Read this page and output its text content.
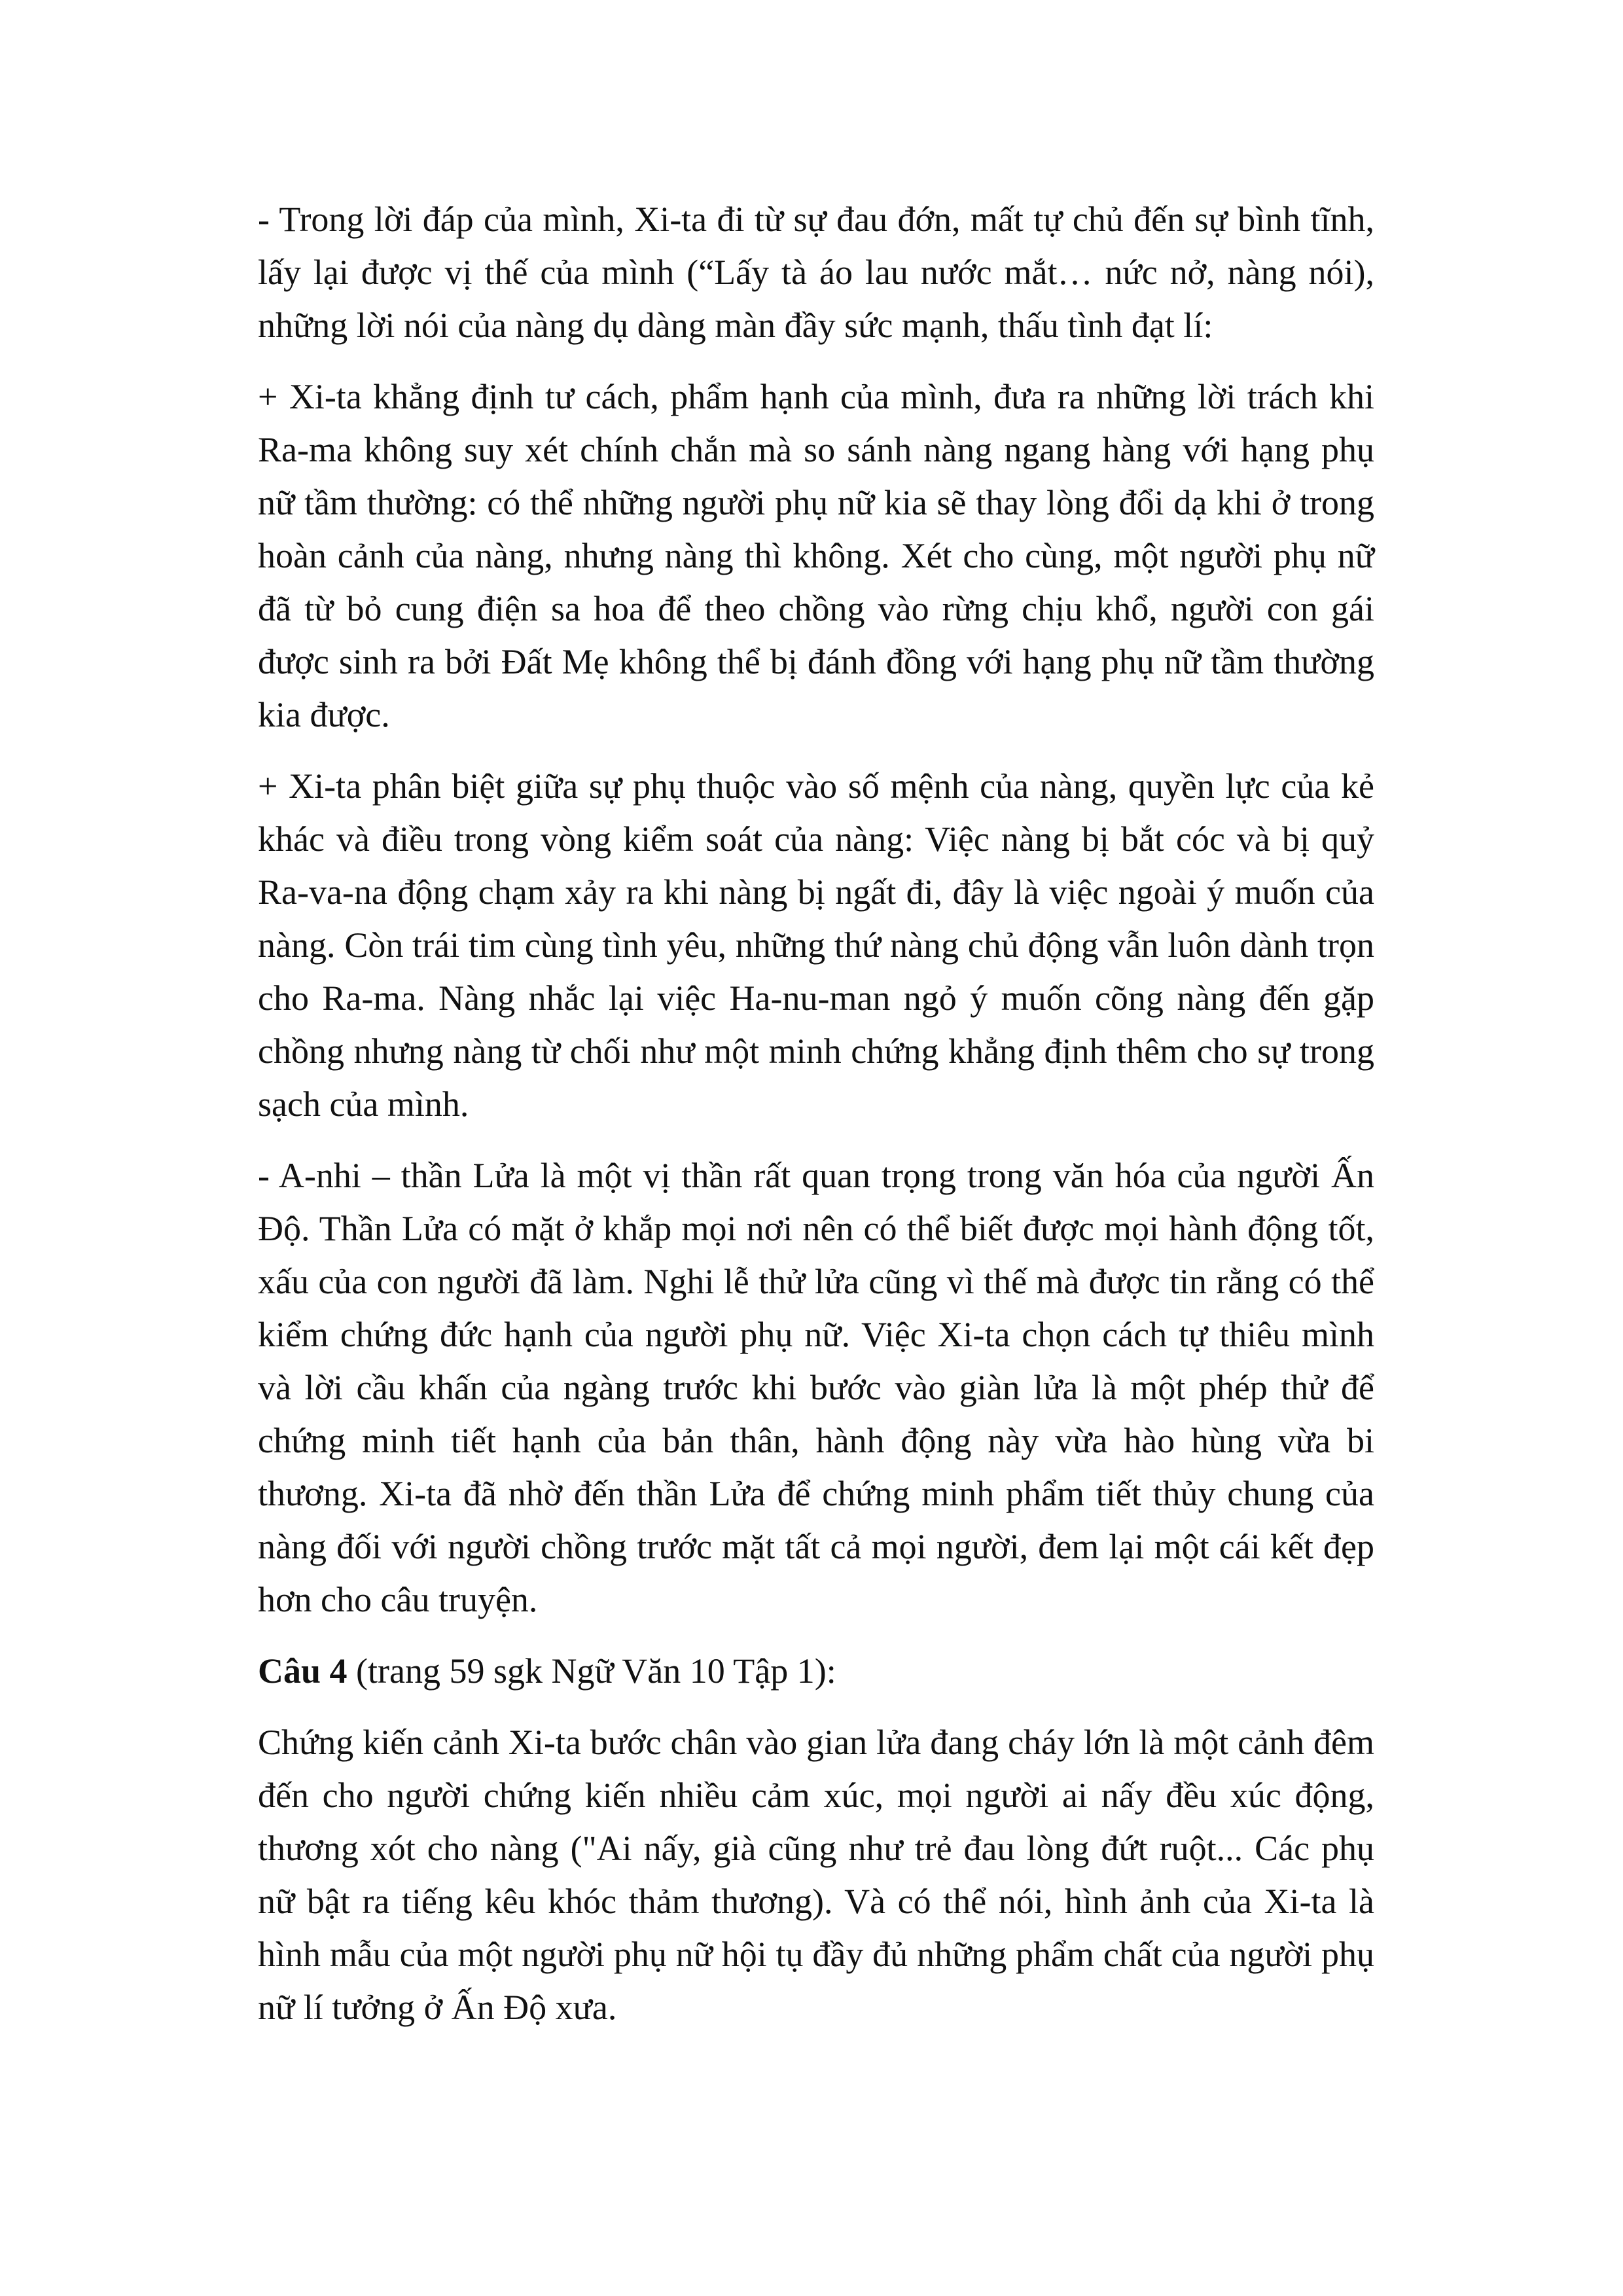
- Trong lời đáp của mình, Xi-ta đi từ sự đau đớn, mất tự chủ đến sự bình tĩnh, lấy lại được vị thế của mình (“Lấy tà áo lau nước mắt… nức nở, nàng nói), những lời nói của nàng dụ dàng màn đầy sức mạnh, thấu tình đạt lí:

+ Xi-ta khẳng định tư cách, phẩm hạnh của mình, đưa ra những lời trách khi Ra-ma không suy xét chính chắn mà so sánh nàng ngang hàng với hạng phụ nữ tầm thường: có thể những người phụ nữ kia sẽ thay lòng đổi dạ khi ở trong hoàn cảnh của nàng, nhưng nàng thì không. Xét cho cùng, một người phụ nữ đã từ bỏ cung điện sa hoa để theo chồng vào rừng chịu khổ, người con gái được sinh ra bởi Đất Mẹ không thể bị đánh đồng với hạng phụ nữ tầm thường kia được.

+ Xi-ta phân biệt giữa sự phụ thuộc vào số mệnh của nàng, quyền lực của kẻ khác và điều trong vòng kiểm soát của nàng: Việc nàng bị bắt cóc và bị quỷ Ra-va-na động chạm xảy ra khi nàng bị ngất đi, đây là việc ngoài ý muốn của nàng. Còn trái tim cùng tình yêu, những thứ nàng chủ động vẫn luôn dành trọn cho Ra-ma. Nàng nhắc lại việc Ha-nu-man ngỏ ý muốn cõng nàng đến gặp chồng nhưng nàng từ chối như một minh chứng khẳng định thêm cho sự trong sạch của mình.

- A-nhi – thần Lửa là một vị thần rất quan trọng trong văn hóa của người Ấn Độ. Thần Lửa có mặt ở khắp mọi nơi nên có thể biết được mọi hành động tốt, xấu của con người đã làm. Nghi lễ thử lửa cũng vì thế mà được tin rằng có thể kiểm chứng đức hạnh của người phụ nữ. Việc Xi-ta chọn cách tự thiêu mình và lời cầu khấn của ngàng trước khi bước vào giàn lửa là một phép thử để chứng minh tiết hạnh của bản thân, hành động này vừa hào hùng vừa bi thương. Xi-ta đã nhờ đến thần Lửa để chứng minh phẩm tiết thủy chung của nàng đối với người chồng trước mặt tất cả mọi người, đem lại một cái kết đẹp hơn cho câu truyện.

Câu 4 (trang 59 sgk Ngữ Văn 10 Tập 1):

Chứng kiến cảnh Xi-ta bước chân vào gian lửa đang cháy lớn là một cảnh đêm đến cho người chứng kiến nhiều cảm xúc, mọi người ai nấy đều xúc động, thương xót cho nàng ("Ai nấy, già cũng như trẻ đau lòng đứt ruột... Các phụ nữ bật ra tiếng kêu khóc thảm thương). Và có thể nói, hình ảnh của Xi-ta là hình mẫu của một người phụ nữ hội tụ đầy đủ những phẩm chất của người phụ nữ lí tưởng ở Ấn Độ xưa.
